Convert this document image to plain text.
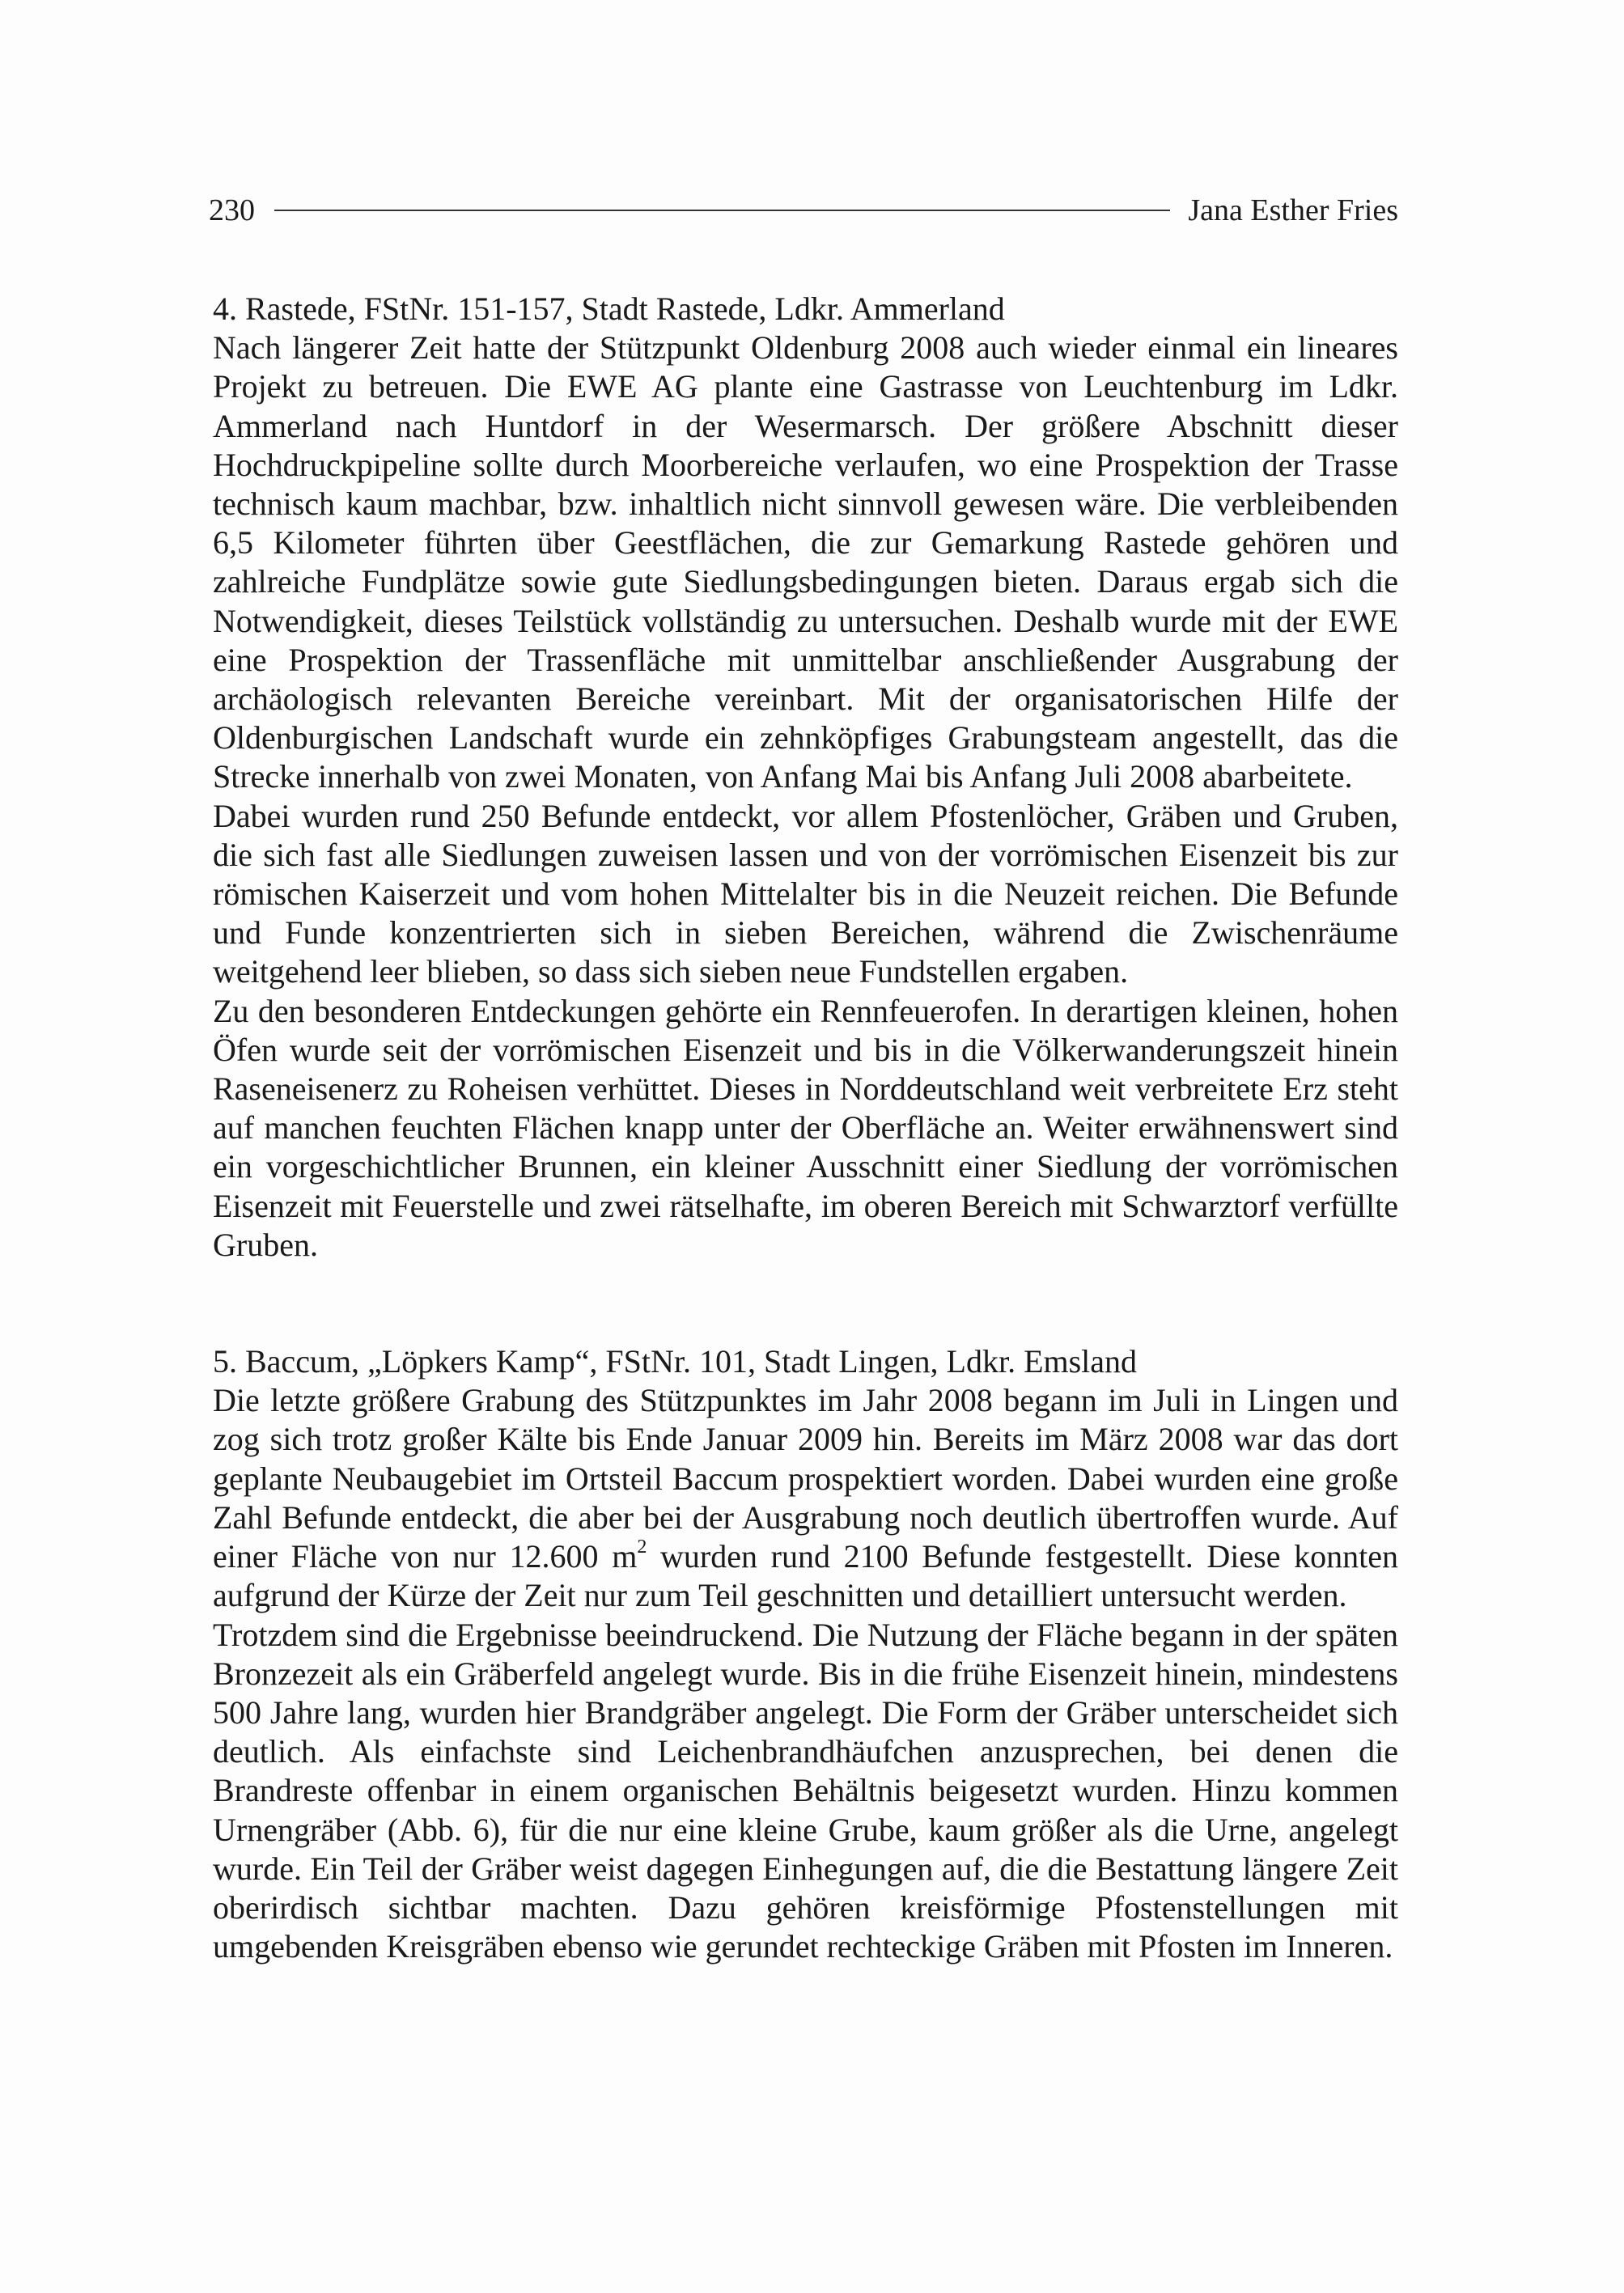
230	Jana Esther Fries
4. Rastede, FStNr. 151-157, Stadt Rastede, Ldkr. Ammerland

Nach längerer Zeit hatte der Stützpunkt Oldenburg 2008 auch wieder einmal ein lineares Projekt zu betreuen. Die EWE AG plante eine Gastrasse von Leuchtenburg im Ldkr. Ammerland nach Huntdorf in der Wesermarsch. Der größere Abschnitt dieser Hochdruckpipeline sollte durch Moorbereiche verlaufen, wo eine Prospektion der Trasse technisch kaum machbar, bzw. inhaltlich nicht sinnvoll gewesen wäre. Die verbleibenden 6,5 Kilometer führten über Geestflächen, die zur Gemarkung Rastede gehören und zahlreiche Fundplätze sowie gute Siedlungsbedingungen bieten. Daraus ergab sich die Notwendigkeit, dieses Teilstück vollständig zu untersuchen. Deshalb wurde mit der EWE eine Prospektion der Trassenfläche mit unmittelbar anschließender Ausgrabung der archäologisch relevanten Bereiche vereinbart. Mit der organisatorischen Hilfe der Oldenburgischen Landschaft wurde ein zehnköpfiges Grabungsteam angestellt, das die Strecke innerhalb von zwei Monaten, von Anfang Mai bis Anfang Juli 2008 abarbeitete.

Dabei wurden rund 250 Befunde entdeckt, vor allem Pfostenlöcher, Gräben und Gruben, die sich fast alle Siedlungen zuweisen lassen und von der vorrömischen Eisenzeit bis zur römischen Kaiserzeit und vom hohen Mittelalter bis in die Neuzeit reichen. Die Befunde und Funde konzentrierten sich in sieben Bereichen, während die Zwischenräume weitgehend leer blieben, so dass sich sieben neue Fundstellen ergaben.

Zu den besonderen Entdeckungen gehörte ein Rennfeuerofen. In derartigen kleinen, hohen Öfen wurde seit der vorrömischen Eisenzeit und bis in die Völkerwanderungszeit hinein Raseneisenerz zu Roheisen verhüttet. Dieses in Norddeutschland weit verbreitete Erz steht auf manchen feuchten Flächen knapp unter der Oberfläche an. Weiter erwähnenswert sind ein vorgeschichtlicher Brunnen, ein kleiner Ausschnitt einer Siedlung der vorrömischen Eisenzeit mit Feuerstelle und zwei rätselhafte, im oberen Bereich mit Schwarztorf verfüllte Gruben.

5. Baccum, „Löpkers Kamp“, FStNr. 101, Stadt Lingen, Ldkr. Emsland

Die letzte größere Grabung des Stützpunktes im Jahr 2008 begann im Juli in Lingen und zog sich trotz großer Kälte bis Ende Januar 2009 hin. Bereits im März 2008 war das dort geplante Neubaugebiet im Ortsteil Baccum prospektiert worden. Dabei wurden eine große Zahl Befunde entdeckt, die aber bei der Ausgrabung noch deutlich übertroffen wurde. Auf einer Fläche von nur 12.600 $m^2$ wurden rund 2100 Befunde festgestellt. Diese konnten aufgrund der Kürze der Zeit nur zum Teil geschnitten und detailliert untersucht werden.

Trotzdem sind die Ergebnisse beeindruckend. Die Nutzung der Fläche begann in der späten Bronzezeit als ein Gräberfeld angelegt wurde. Bis in die frühe Eisenzeit hinein, mindestens 500 Jahre lang, wurden hier Brandgräber angelegt. Die Form der Gräber unterscheidet sich deutlich. Als einfachste sind Leichenbrandhäufchen anzusprechen, bei denen die Brandreste offenbar in einem organischen Behältnis beigesetzt wurden. Hinzu kommen Urnengräber (Abb. 6), für die nur eine kleine Grube, kaum größer als die Urne, angelegt wurde. Ein Teil der Gräber weist dagegen Einhegungen auf, die die Bestattung längere Zeit oberirdisch sichtbar machten. Dazu gehören kreisförmige Pfostenstellungen mit umgebenden Kreisgräben ebenso wie gerundet rechteckige Gräben mit Pfosten im Inneren.
